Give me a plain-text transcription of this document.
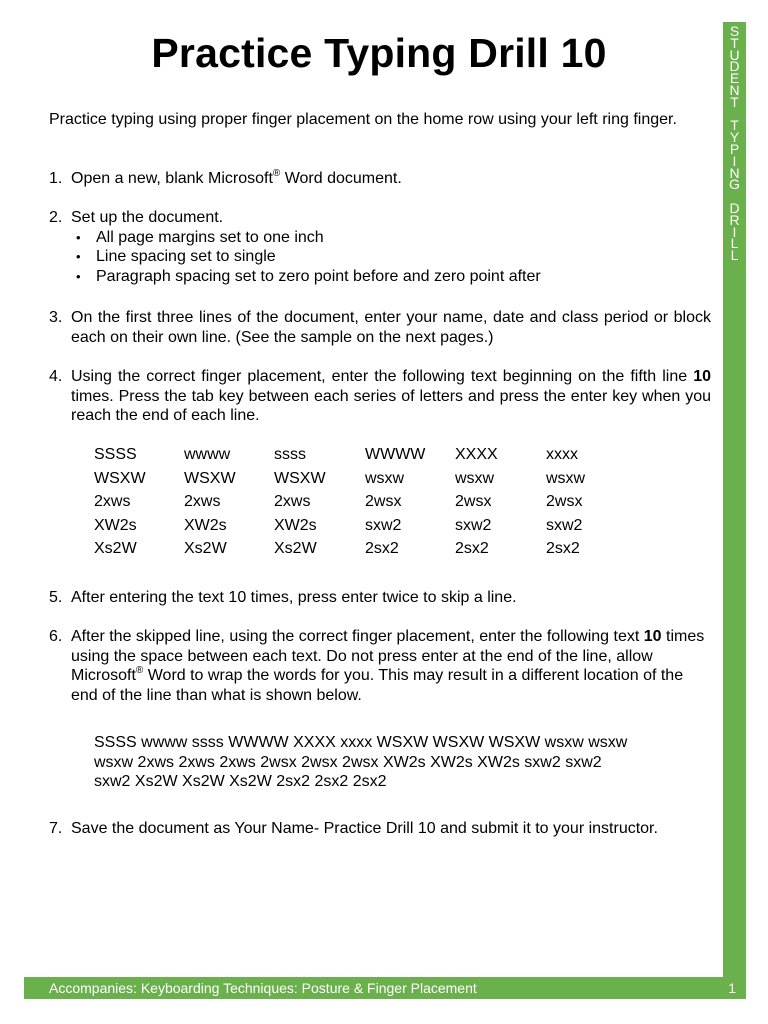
S
T
U
D
E
N
T

T
Y
P
I
N
G

D
R
I
L
L
Practice Typing Drill 10
Practice typing using proper finger placement on the home row using your left ring finger.
1. Open a new, blank Microsoft® Word document.
2. Set up the document.
• All page margins set to one inch
• Line spacing set to single
• Paragraph spacing set to zero point before and zero point after
3. On the first three lines of the document, enter your name, date and class period or block each on their own line. (See the sample on the next pages.)
4. Using the correct finger placement, enter the following text beginning on the fifth line 10 times. Press the tab key between each series of letters and press the enter key when you reach the end of each line.
SSSS	wwww	ssss	WWWW	XXXX	xxxx
WSXW	WSXW	WSXW	wsxw	wsxw	wsxw
2xws	2xws	2xws	2wsx	2wsx	2wsx
XW2s	XW2s	XW2s	sxw2	sxw2	sxw2
Xs2W	Xs2W	Xs2W	2sx2	2sx2	2sx2
5. After entering the text 10 times, press enter twice to skip a line.
6. After the skipped line, using the correct finger placement, enter the following text 10 times using the space between each text. Do not press enter at the end of the line, allow Microsoft® Word to wrap the words for you. This may result in a different location of the end of the line than what is shown below.
SSSS wwww ssss WWWW XXXX xxxx WSXW WSXW WSXW wsxw wsxw
wsxw 2xws 2xws 2xws 2wsx 2wsx 2wsx XW2s XW2s XW2s sxw2 sxw2
sxw2 Xs2W Xs2W Xs2W 2sx2 2sx2 2sx2
7. Save the document as Your Name- Practice Drill 10 and submit it to your instructor.
Accompanies: Keyboarding Techniques: Posture & Finger Placement	1
